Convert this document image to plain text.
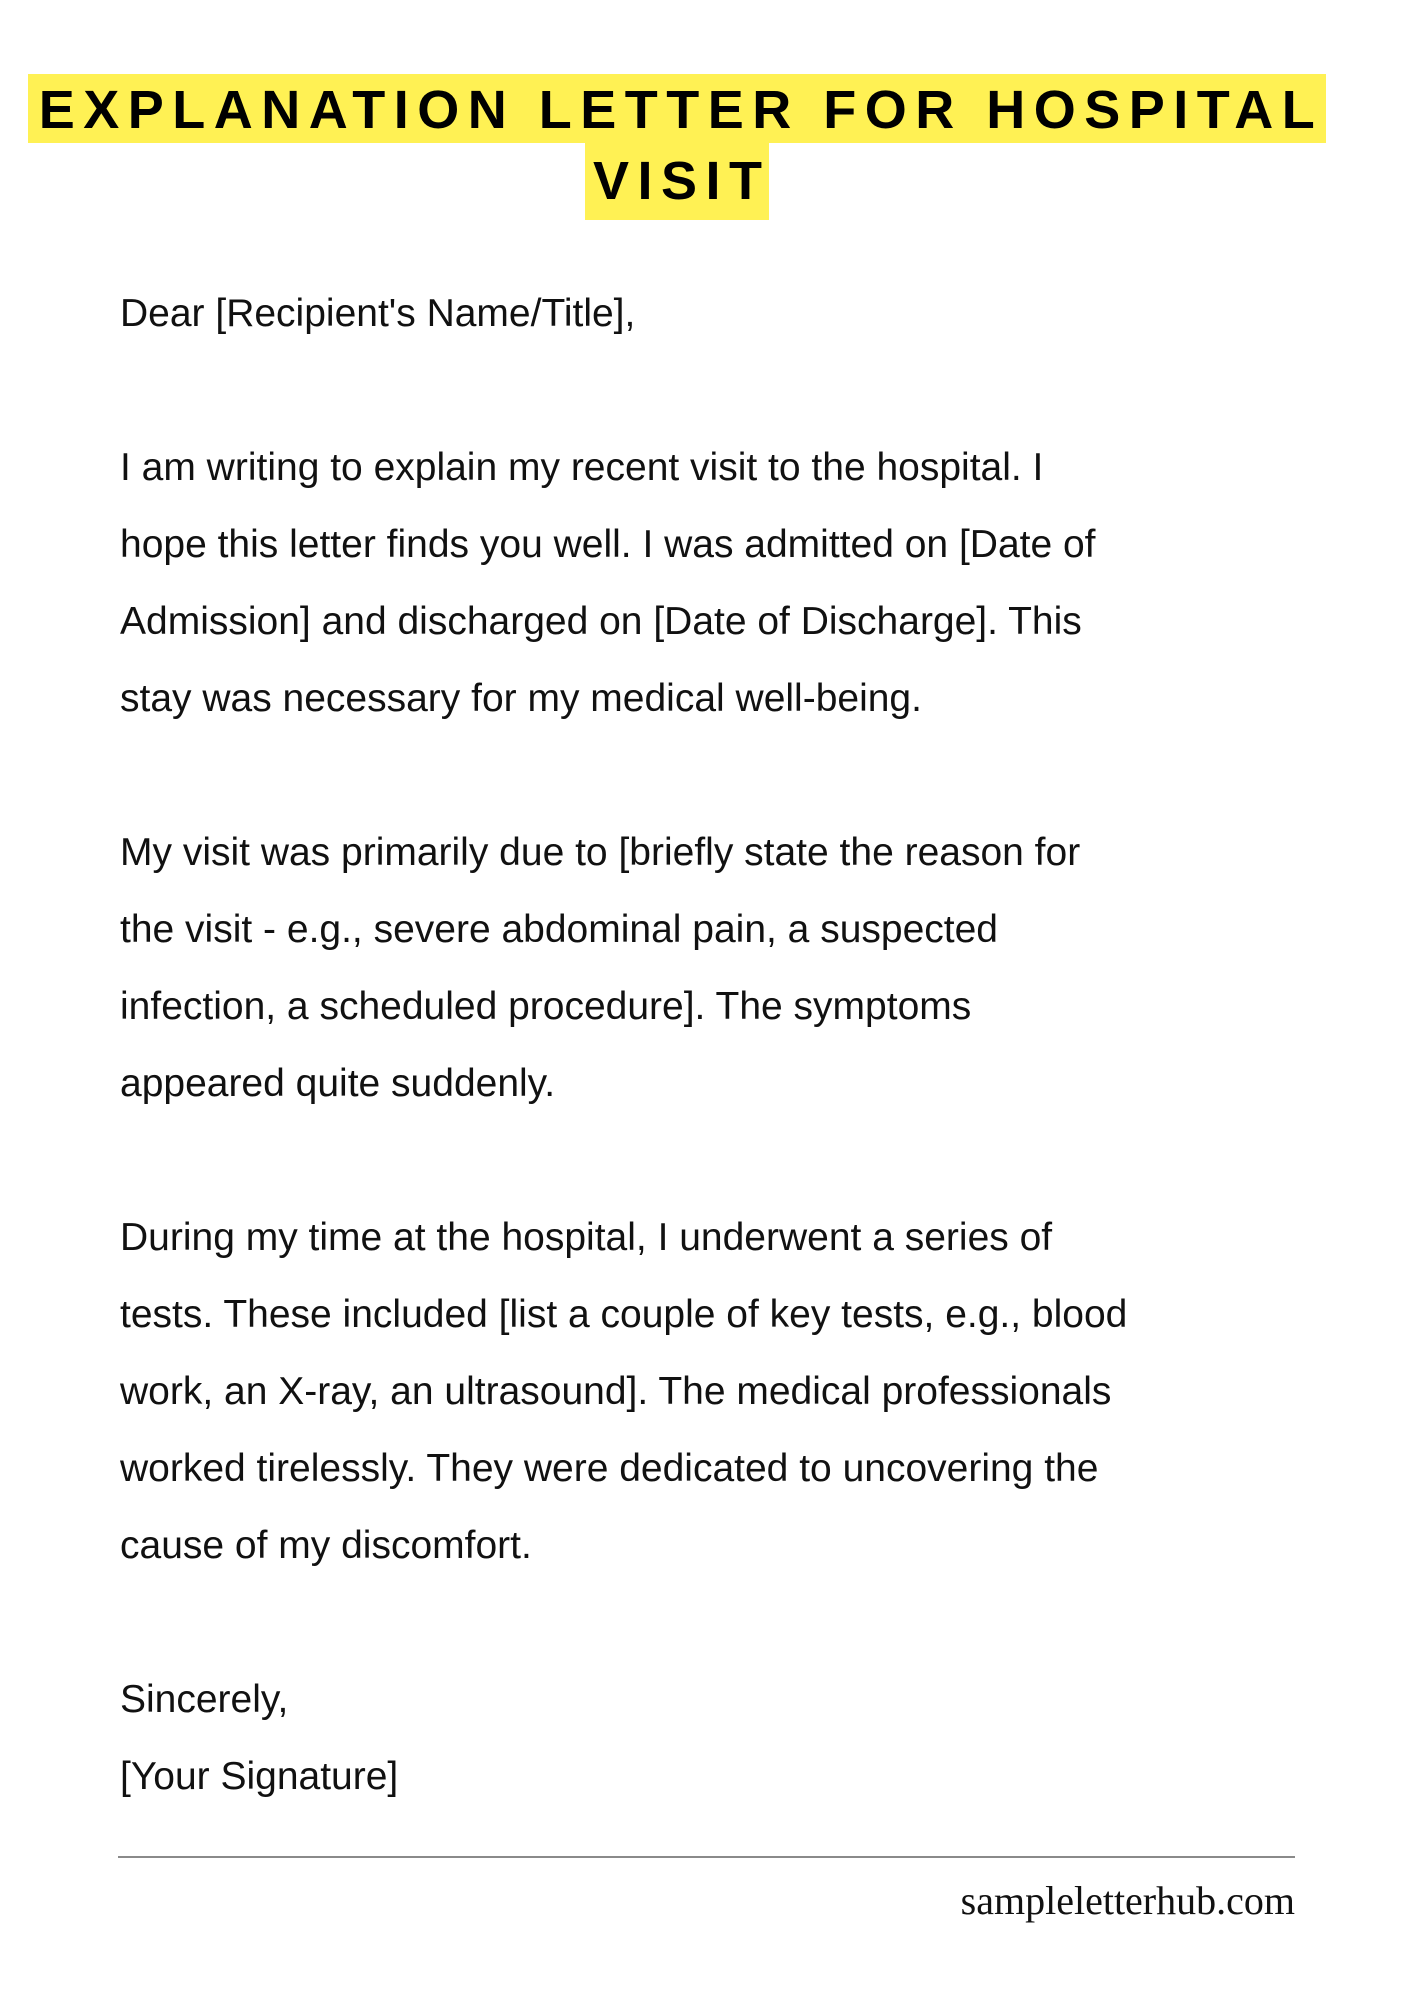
EXPLANATION LETTER FOR HOSPITAL
VISIT
Dear [Recipient's Name/Title],
I am writing to explain my recent visit to the hospital. I
hope this letter finds you well. I was admitted on [Date of
Admission] and discharged on [Date of Discharge]. This
stay was necessary for my medical well-being.
My visit was primarily due to [briefly state the reason for
the visit - e.g., severe abdominal pain, a suspected
infection, a scheduled procedure]. The symptoms
appeared quite suddenly.
During my time at the hospital, I underwent a series of
tests. These included [list a couple of key tests, e.g., blood
work, an X-ray, an ultrasound]. The medical professionals
worked tirelessly. They were dedicated to uncovering the
cause of my discomfort.
Sincerely,
[Your Signature]
sampleletterhub.com
